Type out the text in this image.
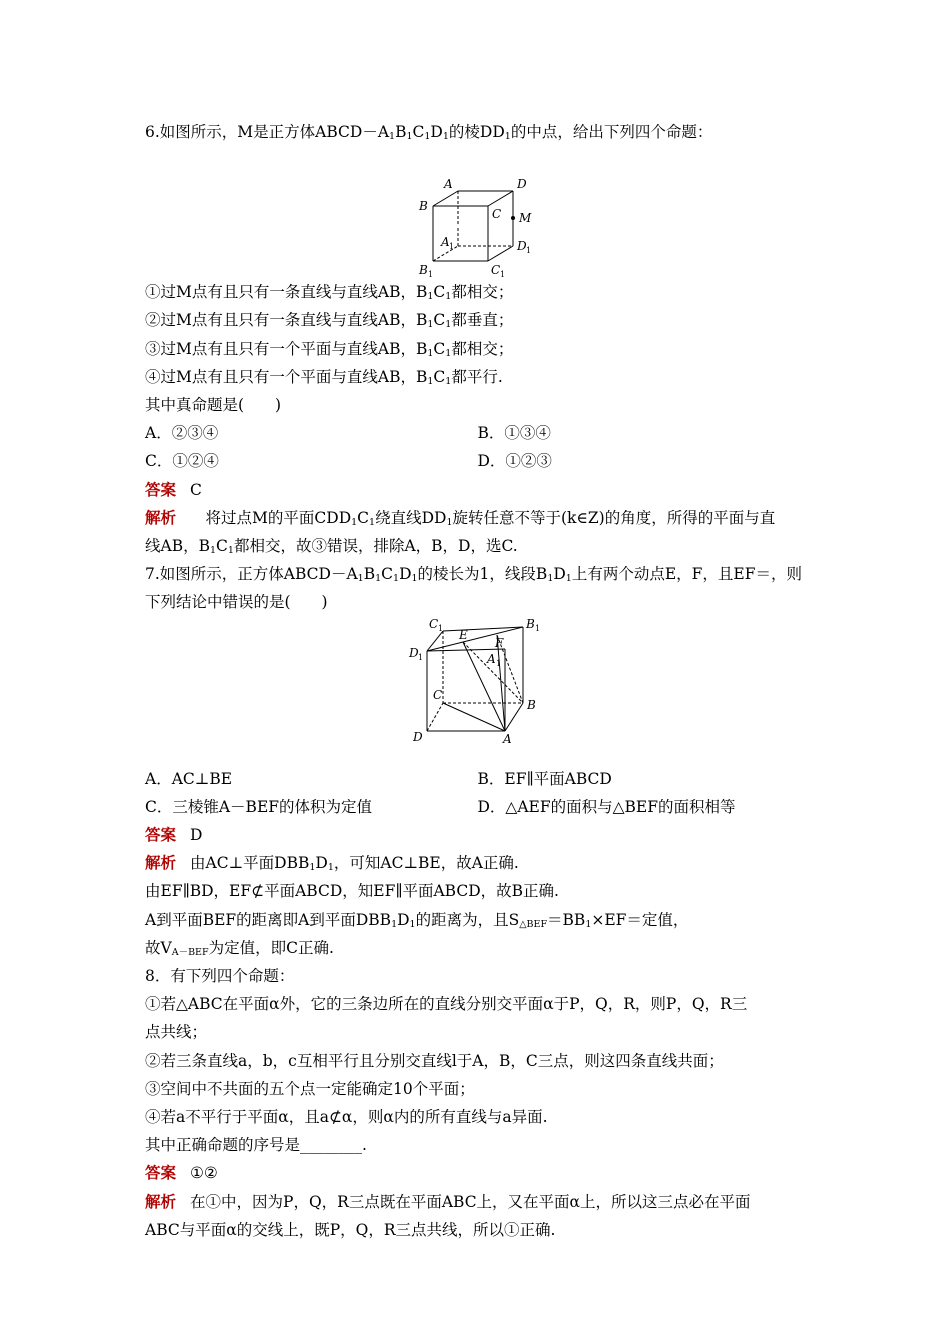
6.如图所示，M是正方体$ABCD-A_1B_1C_1D_1$的棱$DD_1$的中点，给出下列四个命题：
A	D
B
C M
A 1	D 1
B 1	C 1
①过M点有且只有一条直线与直线AB，$B_1C_1$都相交；
②过M点有且只有一条直线与直线AB，$B_1C_1$都垂直；
③过M点有且只有一个平面与直线AB，$B_1C_1$都相交；
④过M点有且只有一个平面与直线AB，$B_1C_1$都平行.
其中真命题是(　　)
A．②③④	B．①③④
C．①②④	D．①②③
答案 C
解析　 将过点M的平面$CDD_1C_1$绕直线$DD_1$旋转任意不等于(k∈Z)的角度，所得的平面与直
线AB，$B_1C_1$都相交，故③错误，排除A，B，D，选C.
7.如图所示，正方体$ABCD-A_1B_1C_1D_1$的棱长为1，线段$B_1D_1$上有两个动点E，F，且EF＝，则
下列结论中错误的是(　　)
C 1	B 1
D 1
E
F
A 1
C
B
D	A
A．AC⊥BE	B．EF∥平面ABCD
C．三棱锥A－BEF的体积为定值	D．△AEF的面积与△BEF的面积相等
答案 D
解析 由AC⊥平面$DBB_1D_1$，可知AC⊥BE，故A正确.
由EF∥BD，EF⊄平面ABCD，知EF∥平面ABCD，故B正确.
A到平面BEF的距离即A到平面$DBB_1D_1$的距离为，且$S_{\triangle BEF}=BB_1\times EF=$定值，
故$V_{A-BEF}$为定值，即C正确.
8．有下列四个命题：
①若△ABC在平面α外，它的三条边所在的直线分别交平面α于P，Q，R，则P，Q，R三
点共线；
②若三条直线a，b，c互相平行且分别交直线l于A，B，C三点，则这四条直线共面；
③空间中不共面的五个点一定能确定10个平面；
④若a不平行于平面α，且a⊄α，则α内的所有直线与a异面.
其中正确命题的序号是________.
答案 ①②
解析 在①中，因为P，Q，R三点既在平面ABC上，又在平面α上，所以这三点必在平面
ABC与平面α的交线上，既P，Q，R三点共线，所以①正确.
